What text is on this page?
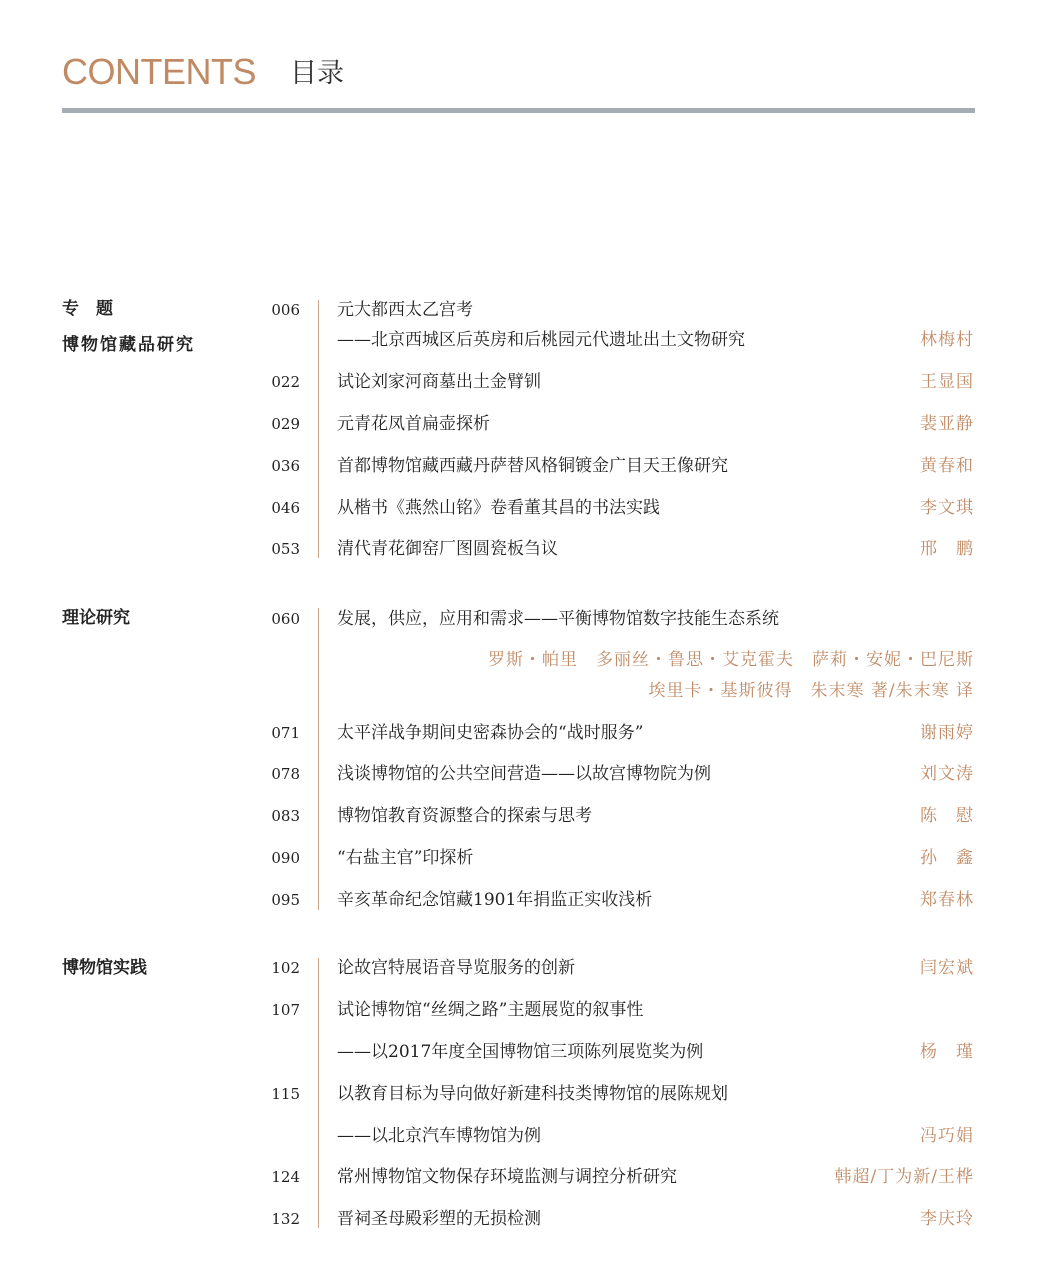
CONTENTS 目录
专　题
博物馆藏品研究
006 元大都西太乙宫考
——北京西城区后英房和后桃园元代遗址出土文物研究	林梅村
022 试论刘家河商墓出土金臂钏	王显国
029 元青花凤首扁壶探析	裴亚静
036 首都博物馆藏西藏丹萨替风格铜镀金广目天王像研究	黄春和
046 从楷书《燕然山铭》卷看董其昌的书法实践	李文琪
053 清代青花御窑厂图圆瓷板刍议	邢　鹏
理论研究	060 发展，供应，应用和需求——平衡博物馆数字技能生态系统
罗斯・帕里　多丽丝・鲁思・艾克霍夫　萨莉・安妮・巴尼斯
埃里卡・基斯彼得　朱末寒 著/朱末寒 译
071 太平洋战争期间史密森协会的“战时服务”	谢雨婷
078 浅谈博物馆的公共空间营造——以故宫博物院为例	刘文涛
083 博物馆教育资源整合的探索与思考	陈　慰
090 “右盐主官”印探析	孙　鑫
095 辛亥革命纪念馆藏1901年捐监正实收浅析	郑春林
博物馆实践	102 论故宫特展语音导览服务的创新	闫宏斌
107 试论博物馆“丝绸之路”主题展览的叙事性
——以2017年度全国博物馆三项陈列展览奖为例	杨　瑾
115 以教育目标为导向做好新建科技类博物馆的展陈规划
——以北京汽车博物馆为例	冯巧娟
124 常州博物馆文物保存环境监测与调控分析研究	韩超/丁为新/王桦
132 晋祠圣母殿彩塑的无损检测	李庆玲
